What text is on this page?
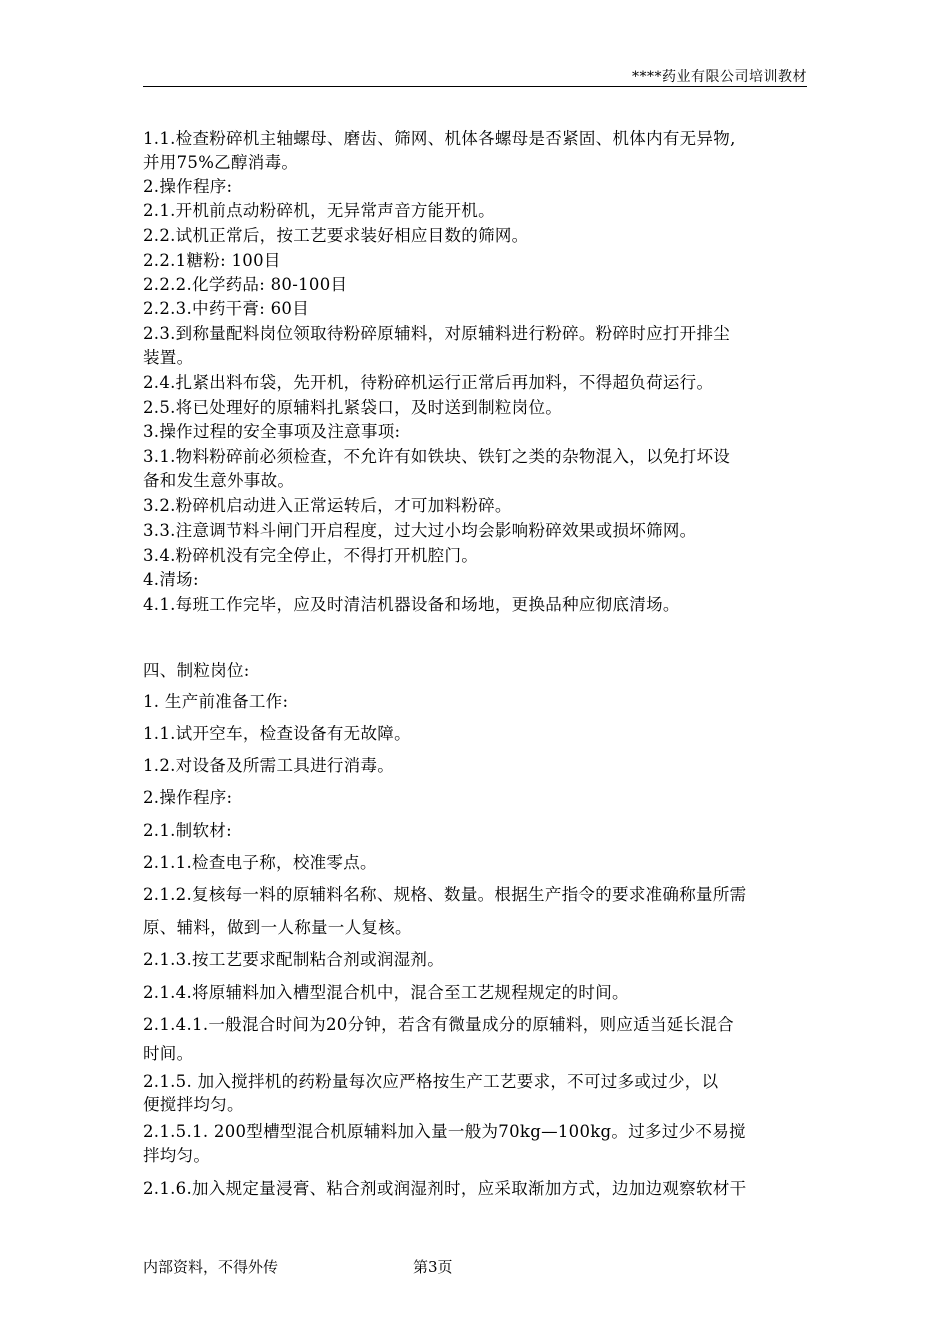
****药业有限公司培训教材
1.1.检查粉碎机主轴螺母、磨齿、筛网、机体各螺母是否紧固、机体内有无异物,
并用75%乙醇消毒。
2.操作程序:
2.1.开机前点动粉碎机，无异常声音方能开机。
2.2.试机正常后，按工艺要求装好相应目数的筛网。
2.2.1糖粉: 100目
2.2.2.化学药品: 80-100目
2.2.3.中药干膏: 60目
2.3.到称量配料岗位领取待粉碎原辅料，对原辅料进行粉碎。粉碎时应打开排尘
装置。
2.4.扎紧出料布袋，先开机，待粉碎机运行正常后再加料，不得超负荷运行。
2.5.将已处理好的原辅料扎紧袋口，及时送到制粒岗位。
3.操作过程的安全事项及注意事项:
3.1.物料粉碎前必须检查，不允许有如铁块、铁钉之类的杂物混入，以免打坏设
备和发生意外事故。
3.2.粉碎机启动进入正常运转后，才可加料粉碎。
3.3.注意调节料斗闸门开启程度，过大过小均会影响粉碎效果或损坏筛网。
3.4.粉碎机没有完全停止，不得打开机腔门。
4.清场:
4.1.每班工作完毕，应及时清洁机器设备和场地，更换品种应彻底清场。
四、制粒岗位:
1. 生产前准备工作:
1.1.试开空车，检查设备有无故障。
1.2.对设备及所需工具进行消毒。
2.操作程序:
2.1.制软材:
2.1.1.检查电子称，校准零点。
2.1.2.复核每一料的原辅料名称、规格、数量。根据生产指令的要求准确称量所需
原、辅料，做到一人称量一人复核。
2.1.3.按工艺要求配制粘合剂或润湿剂。
2.1.4.将原辅料加入槽型混合机中，混合至工艺规程规定的时间。
2.1.4.1.一般混合时间为20分钟，若含有微量成分的原辅料，则应适当延长混合
时间。
2.1.5. 加入搅拌机的药粉量每次应严格按生产工艺要求，不可过多或过少，以
便搅拌均匀。
2.1.5.1. 200型槽型混合机原辅料加入量一般为70kg—100kg。过多过少不易搅
拌均匀。
2.1.6.加入规定量浸膏、粘合剂或润湿剂时，应采取渐加方式，边加边观察软材干
内部资料，不得外传	第3页
